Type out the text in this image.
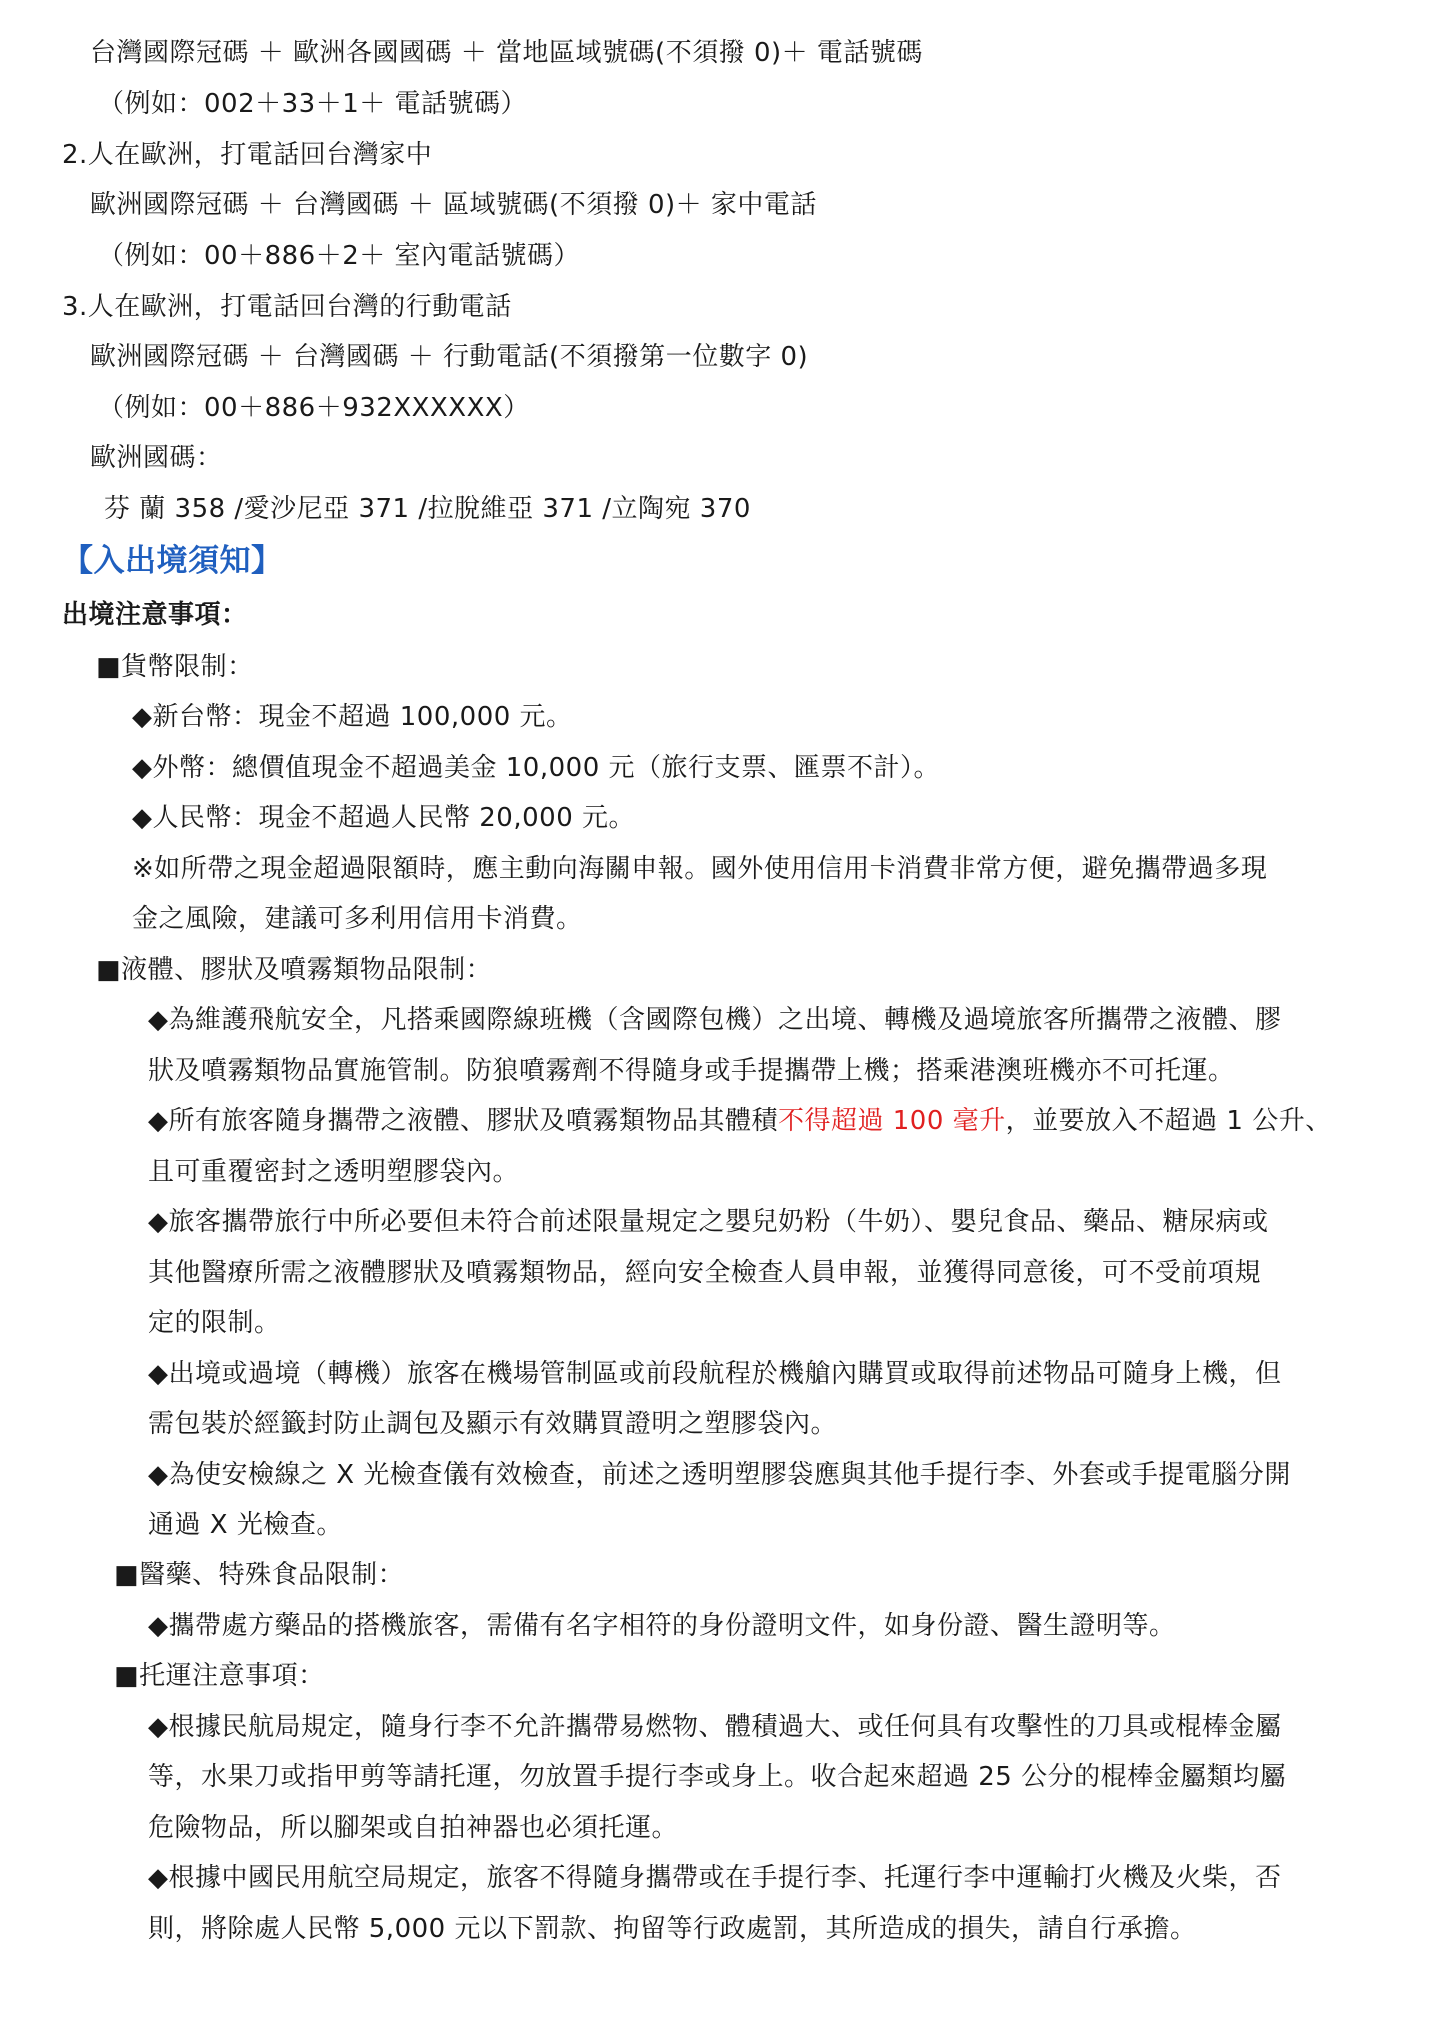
台灣國際冠碼 ＋ 歐洲各國國碼 ＋ 當地區域號碼(不須撥 0)＋ 電話號碼
（例如：002＋33＋1＋ 電話號碼）
2.人在歐洲，打電話回台灣家中
歐洲國際冠碼 ＋ 台灣國碼 ＋ 區域號碼(不須撥 0)＋ 家中電話
（例如：00＋886＋2＋ 室內電話號碼）
3.人在歐洲，打電話回台灣的行動電話
歐洲國際冠碼 ＋ 台灣國碼 ＋ 行動電話(不須撥第一位數字 0)
（例如：00＋886＋932XXXXXX）
歐洲國碼：
芬 蘭 358 /愛沙尼亞 371 /拉脫維亞 371 /立陶宛 370
【入出境須知】
出境注意事項：
■貨幣限制：
◆新台幣：現金不超過 100,000 元。
◆外幣：總價值現金不超過美金 10,000 元（旅行支票、匯票不計）。
◆人民幣：現金不超過人民幣 20,000 元。
※如所帶之現金超過限額時，應主動向海關申報。國外使用信用卡消費非常方便，避免攜帶過多現
金之風險，建議可多利用信用卡消費。
■液體、膠狀及噴霧類物品限制：
◆為維護飛航安全，凡搭乘國際線班機（含國際包機）之出境、轉機及過境旅客所攜帶之液體、膠
狀及噴霧類物品實施管制。防狼噴霧劑不得隨身或手提攜帶上機；搭乘港澳班機亦不可托運。
◆所有旅客隨身攜帶之液體、膠狀及噴霧類物品其體積不得超過 100 毫升，並要放入不超過 1 公升、
且可重覆密封之透明塑膠袋內。
◆旅客攜帶旅行中所必要但未符合前述限量規定之嬰兒奶粉（牛奶）、嬰兒食品、藥品、糖尿病或
其他醫療所需之液體膠狀及噴霧類物品，經向安全檢查人員申報，並獲得同意後，可不受前項規
定的限制。
◆出境或過境（轉機）旅客在機場管制區或前段航程於機艙內購買或取得前述物品可隨身上機，但
需包裝於經籤封防止調包及顯示有效購買證明之塑膠袋內。
◆為使安檢線之 X 光檢查儀有效檢查，前述之透明塑膠袋應與其他手提行李、外套或手提電腦分開
通過 X 光檢查。
■醫藥、特殊食品限制：
◆攜帶處方藥品的搭機旅客，需備有名字相符的身份證明文件，如身份證、醫生證明等。
■托運注意事項：
◆根據民航局規定，隨身行李不允許攜帶易燃物、體積過大、或任何具有攻擊性的刀具或棍棒金屬
等，水果刀或指甲剪等請托運，勿放置手提行李或身上。收合起來超過 25 公分的棍棒金屬類均屬
危險物品，所以腳架或自拍神器也必須托運。
◆根據中國民用航空局規定，旅客不得隨身攜帶或在手提行李、托運行李中運輸打火機及火柴，否
則，將除處人民幣 5,000 元以下罰款、拘留等行政處罰，其所造成的損失，請自行承擔。
